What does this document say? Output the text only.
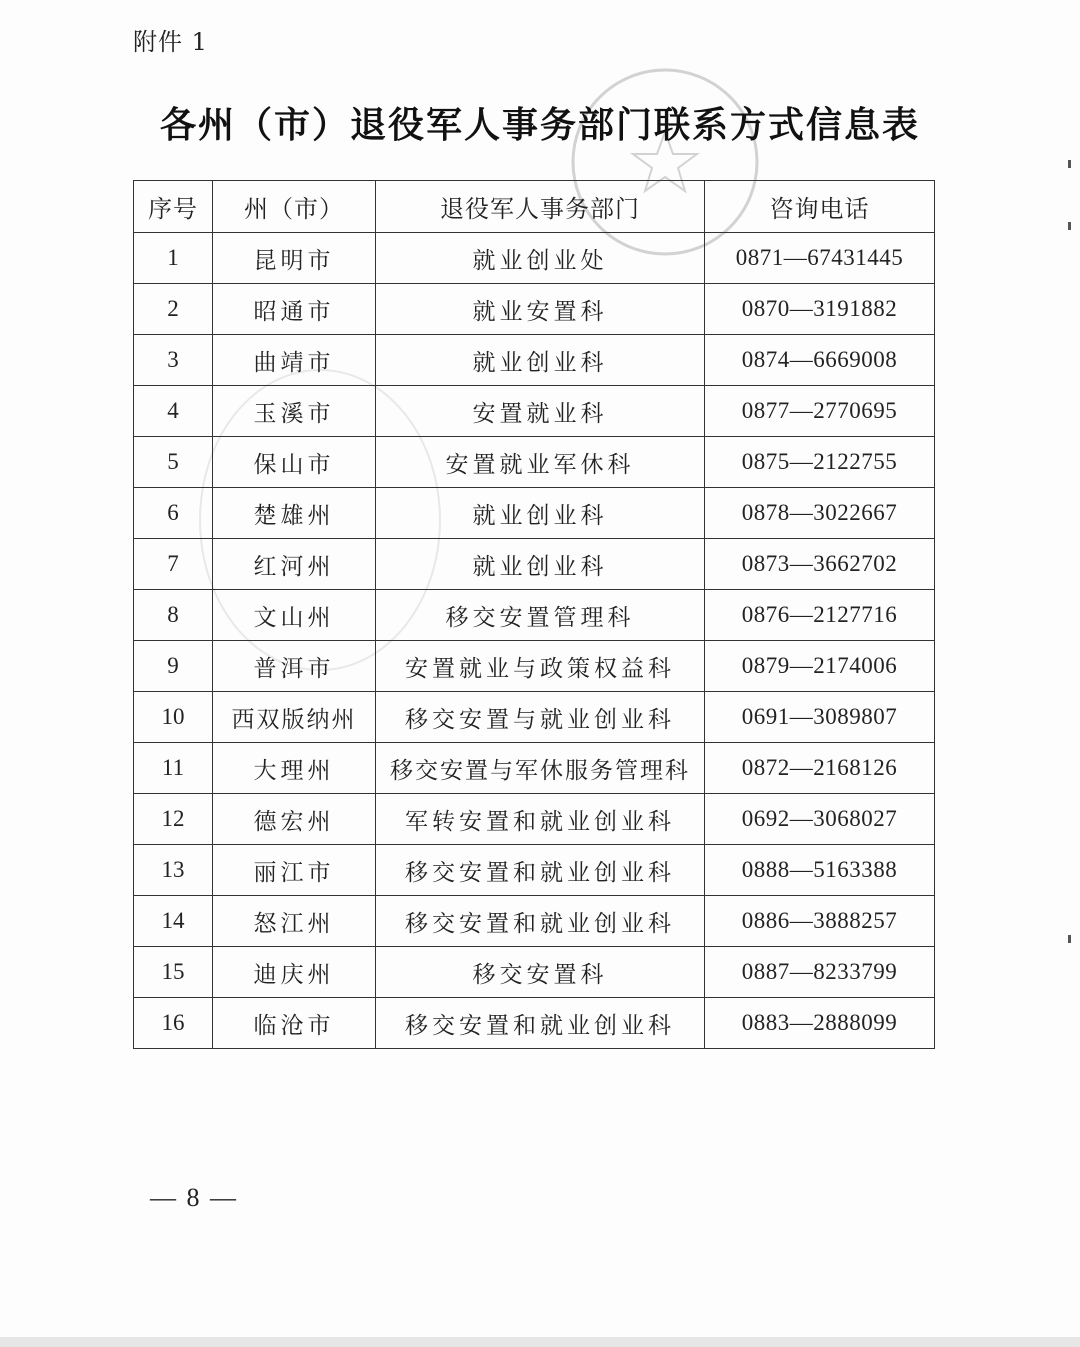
附件 1
各州（市）退役军人事务部门联系方式信息表
序号	州（市）	退役军人事务部门	咨询电话
1	昆明市	就业创业处	0871—67431445
2	昭通市	就业安置科	0870—3191882
3	曲靖市	就业创业科	0874—6669008
4	玉溪市	安置就业科	0877—2770695
5	保山市	安置就业军休科	0875—2122755
6	楚雄州	就业创业科	0878—3022667
7	红河州	就业创业科	0873—3662702
8	文山州	移交安置管理科	0876—2127716
9	普洱市	安置就业与政策权益科	0879—2174006
10	西双版纳州	移交安置与就业创业科	0691—3089807
11	大理州	移交安置与军休服务管理科	0872—2168126
12	德宏州	军转安置和就业创业科	0692—3068027
13	丽江市	移交安置和就业创业科	0888—5163388
14	怒江州	移交安置和就业创业科	0886—3888257
15	迪庆州	移交安置科	0887—8233799
16	临沧市	移交安置和就业创业科	0883—2888099
— 8 —
